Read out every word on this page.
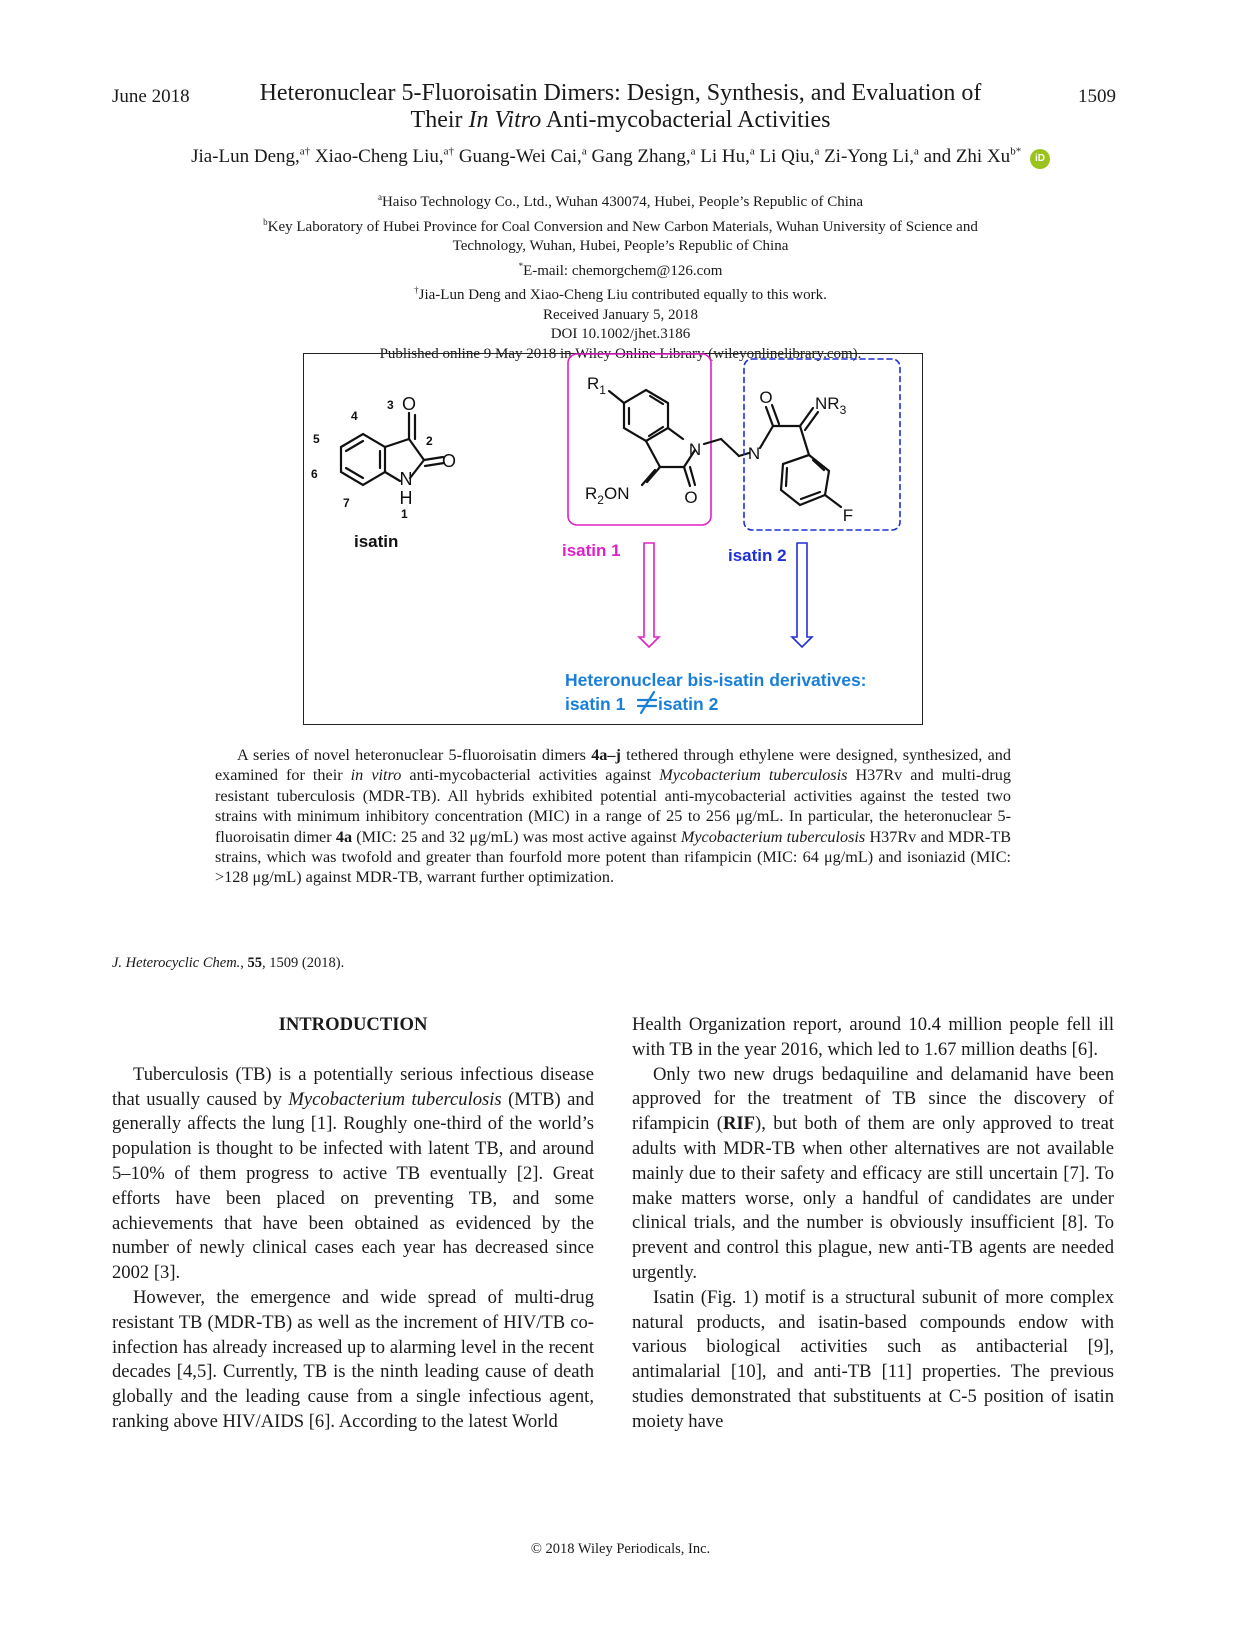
June 2018	Heteronuclear 5-Fluoroisatin Dimers: Design, Synthesis, and Evaluation of
Their In Vitro Anti-mycobacterial Activities
1509
Jia-Lun Deng,$^{a\dagger}$ Xiao-Cheng Liu,$^{a\dagger}$ Guang-Wei Cai,$^a$ Gang Zhang,$^a$ Li Hu,$^a$ Li Qiu,$^a$ Zi-Yong Li,$^a$ and Zhi $Xu^{b*}$ iD
$^a$Haiso Technology Co., Ltd., Wuhan 430074, Hubei, People’s Republic of China
$^b$Key Laboratory of Hubei Province for Coal Conversion and New Carbon Materials, Wuhan University of Science and
Technology, Wuhan, Hubei, People’s Republic of China
*E-mail: chemorgchem@126.com
†Jia-Lun Deng and Xiao-Cheng Liu contributed equally to this work.
Received January 5, 2018
DOI 10.1002/jhet.3186
Published online 9 May 2018 in Wiley Online Library (wileyonlinelibrary.com).
O
O
N
H
3
2
1
4
5
6
7
isatin
N
O
$R_1$
$R_2ON$
N
O
F
$NR_3$
isatin 1	isatin 2
Heteronuclear bis-isatin derivatives:
isatin 1 isatin 2

A series of novel heteronuclear 5-fluoroisatin dimers 4a–j tethered through ethylene were designed, synthesized, and examined for their in vitro anti-mycobacterial activities against Mycobacterium tuberculosis H37Rv and multi-drug resistant tuberculosis (MDR-TB). All hybrids exhibited potential anti-mycobacterial activities against the tested two strains with minimum inhibitory concentration (MIC) in a range of 25 to 256 μg/mL. In particular, the heteronuclear 5-fluoroisatin dimer 4a (MIC: 25 and 32 μg/mL) was most active against Mycobacterium tuberculosis H37Rv and MDR-TB strains, which was twofold and greater than fourfold more potent than rifampicin (MIC: 64 μg/mL) and isoniazid (MIC: >128 μg/mL) against MDR-TB, warrant further optimization.

J. Heterocyclic Chem., 55, 1509 (2018).

INTRODUCTION

Tuberculosis (TB) is a potentially serious infectious disease that usually caused by Mycobacterium tuberculosis (MTB) and generally affects the lung [1]. Roughly one-third of the world’s population is thought to be infected with latent TB, and around 5–10% of them progress to active TB eventually [2]. Great efforts have been placed on preventing TB, and some achievements that have been obtained as evidenced by the number of newly clinical cases each year has decreased since 2002 [3].

However, the emergence and wide spread of multi-drug resistant TB (MDR-TB) as well as the increment of HIV/TB co-infection has already increased up to alarming level in the recent decades [4,5]. Currently, TB is the ninth leading cause of death globally and the leading cause from a single infectious agent, ranking above HIV/AIDS [6]. According to the latest World

Health Organization report, around 10.4 million people fell ill with TB in the year 2016, which led to 1.67 million deaths [6].

Only two new drugs bedaquiline and delamanid have been approved for the treatment of TB since the discovery of rifampicin (RIF), but both of them are only approved to treat adults with MDR-TB when other alternatives are not available mainly due to their safety and efficacy are still uncertain [7]. To make matters worse, only a handful of candidates are under clinical trials, and the number is obviously insufficient [8]. To prevent and control this plague, new anti-TB agents are needed urgently.

Isatin (Fig. 1) motif is a structural subunit of more complex natural products, and isatin-based compounds endow with various biological activities such as antibacterial [9], antimalarial [10], and anti-TB [11] properties. The previous studies demonstrated that substituents at C-5 position of isatin moiety have

© 2018 Wiley Periodicals, Inc.
